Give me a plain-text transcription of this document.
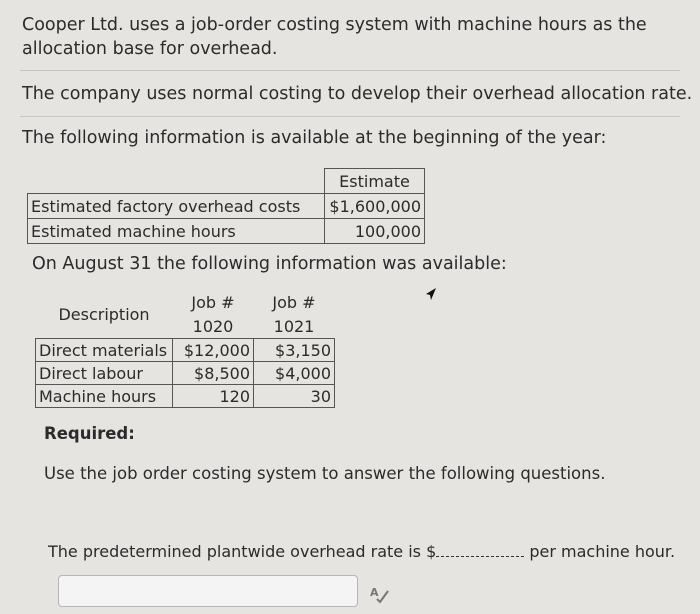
Cooper Ltd. uses a job-order costing system with machine hours as the

allocation base for overhead.

The company uses normal costing to develop their overhead allocation rate.

The following information is available at the beginning of the year:

	Estimate
Estimated factory overhead costs	$1,600,000
Estimated machine hours	100,000

On August 31 the following information was available:

Description	Job #	Job #
	1020	1021
Direct materials	$12,000	$3,150
Direct labour	$8,500	$4,000
Machine hours	120	30

Required:

Use the job order costing system to answer the following questions.

The predetermined plantwide overhead rate is $	per machine hour.

A
